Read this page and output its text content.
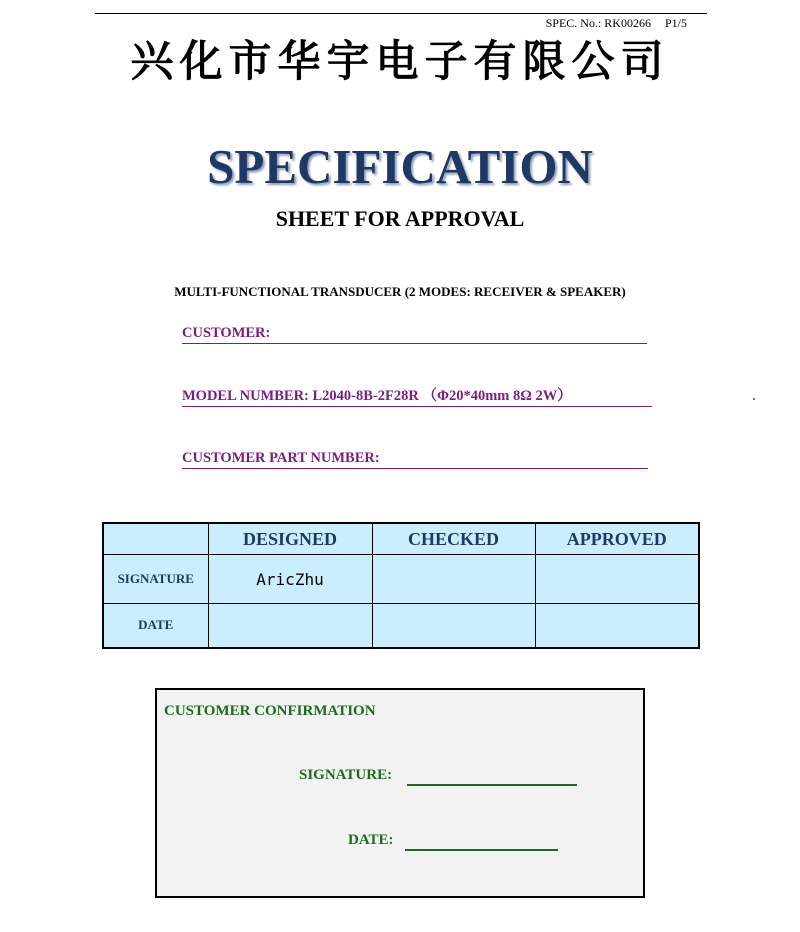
SPEC. No.: RK00266 P1/5
兴化市华宇电子有限公司
SPECIFICATION
SHEET FOR APPROVAL
MULTI-FUNCTIONAL TRANSDUCER (2 MODES: RECEIVER & SPEAKER)
CUSTOMER:
MODEL NUMBER: L2040-8B-2F28R （Φ20*40mm 8Ω 2W）
CUSTOMER PART NUMBER:
	DESIGNED	CHECKED	APPROVED
SIGNATURE	AricZhu		
DATE			
CUSTOMER CONFIRMATION
SIGNATURE:
DATE:
